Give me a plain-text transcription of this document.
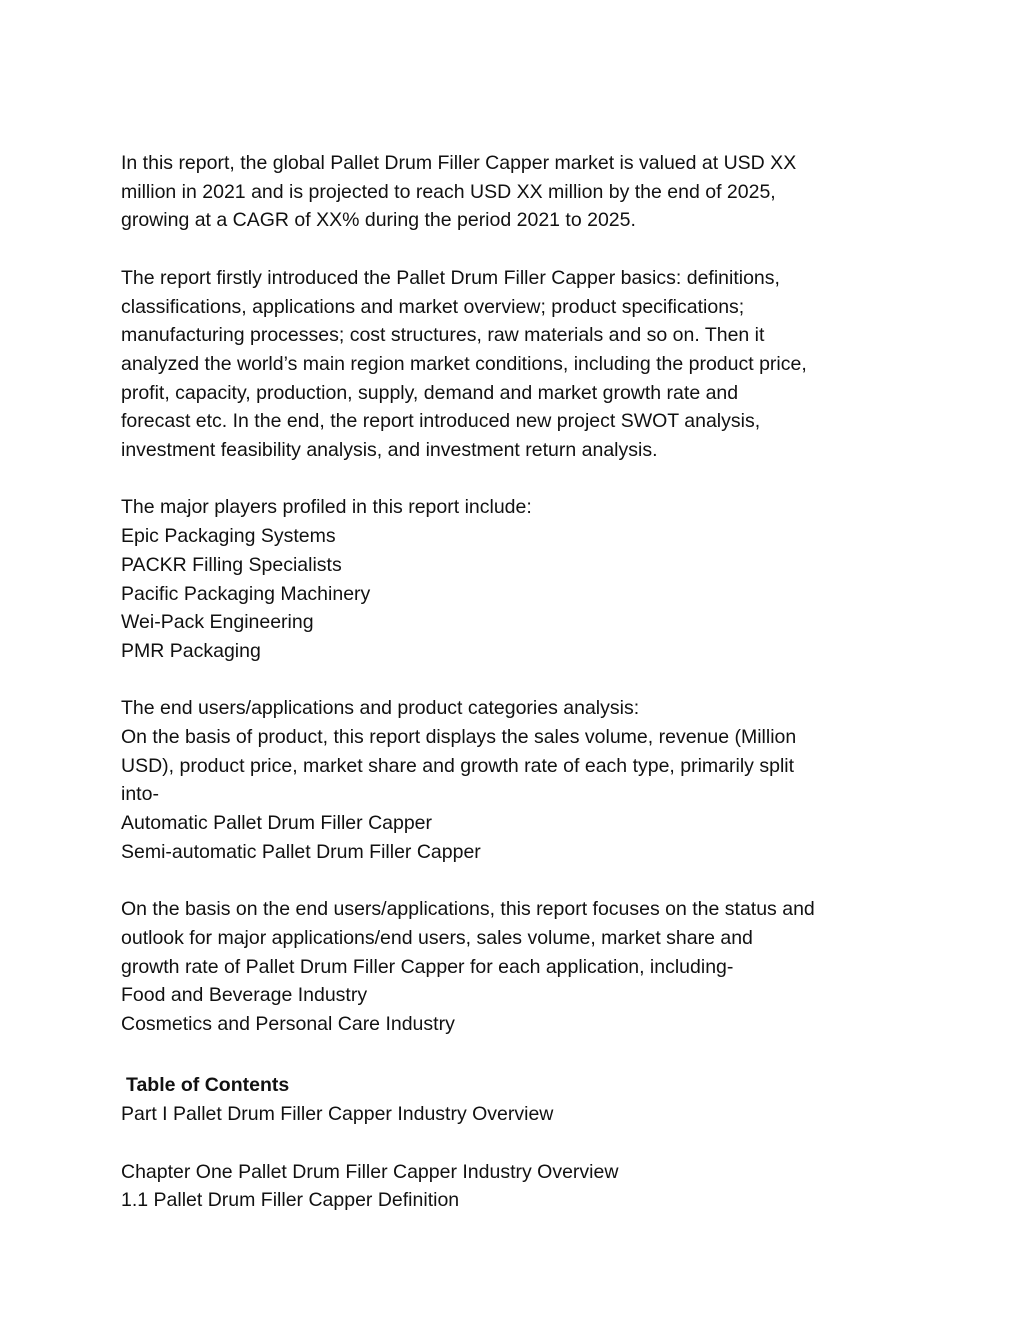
In this report, the global Pallet Drum Filler Capper market is valued at USD XX
million in 2021 and is projected to reach USD XX million by the end of 2025,
growing at a CAGR of XX% during the period 2021 to 2025.

The report firstly introduced the Pallet Drum Filler Capper basics: definitions,
classifications, applications and market overview; product specifications;
manufacturing processes; cost structures, raw materials and so on. Then it
analyzed the world’s main region market conditions, including the product price,
profit, capacity, production, supply, demand and market growth rate and
forecast etc. In the end, the report introduced new project SWOT analysis,
investment feasibility analysis, and investment return analysis.

The major players profiled in this report include:
Epic Packaging Systems
PACKR Filling Specialists
Pacific Packaging Machinery
Wei-Pack Engineering
PMR Packaging

The end users/applications and product categories analysis:
On the basis of product, this report displays the sales volume, revenue (Million
USD), product price, market share and growth rate of each type, primarily split
into-
Automatic Pallet Drum Filler Capper
Semi-automatic Pallet Drum Filler Capper

On the basis on the end users/applications, this report focuses on the status and
outlook for major applications/end users, sales volume, market share and
growth rate of Pallet Drum Filler Capper for each application, including-
Food and Beverage Industry
Cosmetics and Personal Care Industry

Table of Contents
Part I Pallet Drum Filler Capper Industry Overview

Chapter One Pallet Drum Filler Capper Industry Overview
1.1 Pallet Drum Filler Capper Definition
